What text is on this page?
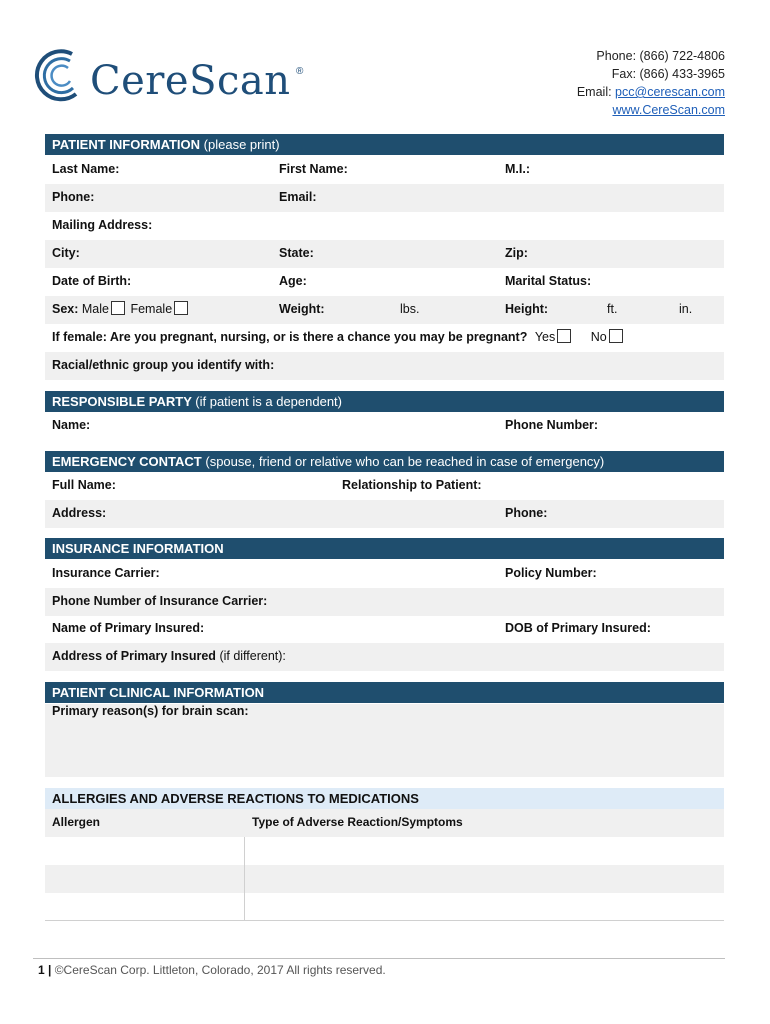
CereScan ®
Phone: (866) 722-4806
Fax: (866) 433-3965
Email: pcc@cerescan.com
www.CereScan.com
PATIENT INFORMATION (please print)
Last Name:	First Name:	M.I.:
Phone:	Email:
Mailing Address:
City:	State:	Zip:
Date of Birth:	Age:	Marital Status:
Sex: Male Female	Weight:	lbs.	Height:	ft.	in.
If female: Are you pregnant, nursing, or is there a chance you may be pregnant? Yes	No
Racial/ethnic group you identify with:
RESPONSIBLE PARTY (if patient is a dependent)
Name:	Phone Number:
EMERGENCY CONTACT (spouse, friend or relative who can be reached in case of emergency)
Full Name:	Relationship to Patient:
Address:	Phone:
INSURANCE INFORMATION
Insurance Carrier:	Policy Number:
Phone Number of Insurance Carrier:
Name of Primary Insured:	DOB of Primary Insured:
Address of Primary Insured (if different):
PATIENT CLINICAL INFORMATION
Primary reason(s) for brain scan:
ALLERGIES AND ADVERSE REACTIONS TO MEDICATIONS
Allergen	Type of Adverse Reaction/Symptoms
1 | ©CereScan Corp. Littleton, Colorado, 2017 All rights reserved.
